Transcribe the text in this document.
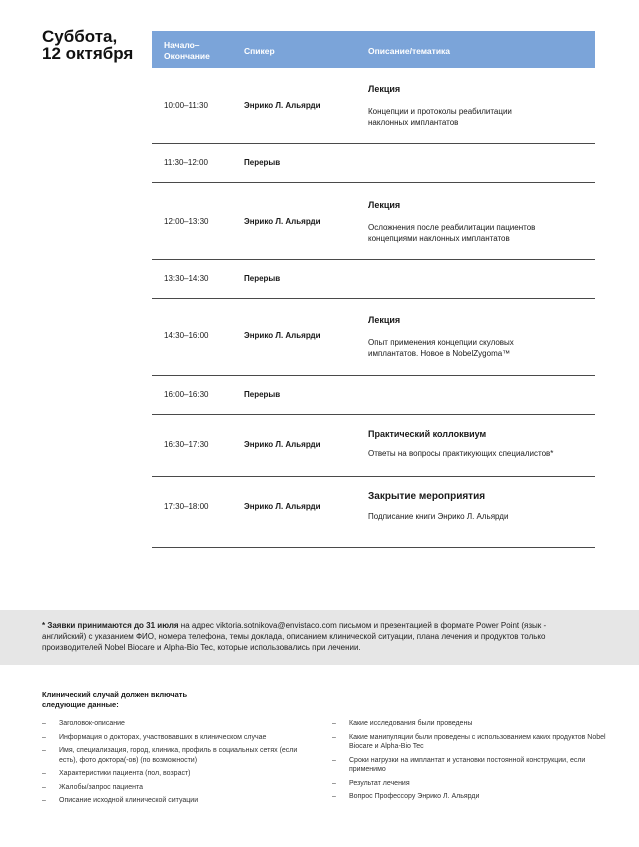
Суббота,
12 октября	Начало–
Окончание	Спикер	Описание/тематика
10:00–11:30	Энрико Л. Альярди
Лекция
Концепции и протоколы реабилитации
наклонных имплантатов
11:30–12:00	Перерыв
12:00–13:30	Энрико Л. Альярди
Лекция
Осложнения после реабилитации пациентов
концепциями наклонных имплантатов
13:30–14:30	Перерыв
14:30–16:00	Энрико Л. Альярди
Лекция
Опыт применения концепции скуловых
имплантатов. Новое в NobelZygoma™
16:00–16:30	Перерыв
16:30–17:30	Энрико Л. Альярди
Практический коллоквиум
Ответы на вопросы практикующих специалистов*
17:30–18:00	Энрико Л. Альярди
Закрытие мероприятия
Подписание книги Энрико Л. Альярди
* Заявки принимаются до 31 июля на адрес viktoria.sotnikova@envistaco.com письмом и презентацией в формате Power Point (язык - английский) с указанием ФИО, номера телефона, темы доклада, описанием клинической ситуации, плана лечения и продуктов только производителей Nobel Biocare и Alpha-Bio Tec, которые использовались при лечении.
Клинический случай должен включать
следующие данные:
– Заголовок-описание
– Информация о докторах, участвовавших в клиническом случае
– Имя, специализация, город, клиника, профиль в социальных сетях (если есть), фото доктора(-ов) (по возможности)
– Характеристики пациента (пол, возраст)
– Жалобы/запрос пациента
– Описание исходной клинической ситуации
– Какие исследования были проведены
– Какие манипуляции были проведены с использованием каких продуктов Nobel Biocare и Alpha-Bio Tec
– Сроки нагрузки на имплантат и установки постоянной конструкции, если применимо
– Результат лечения
– Вопрос Профессору Энрико Л. Альярди
